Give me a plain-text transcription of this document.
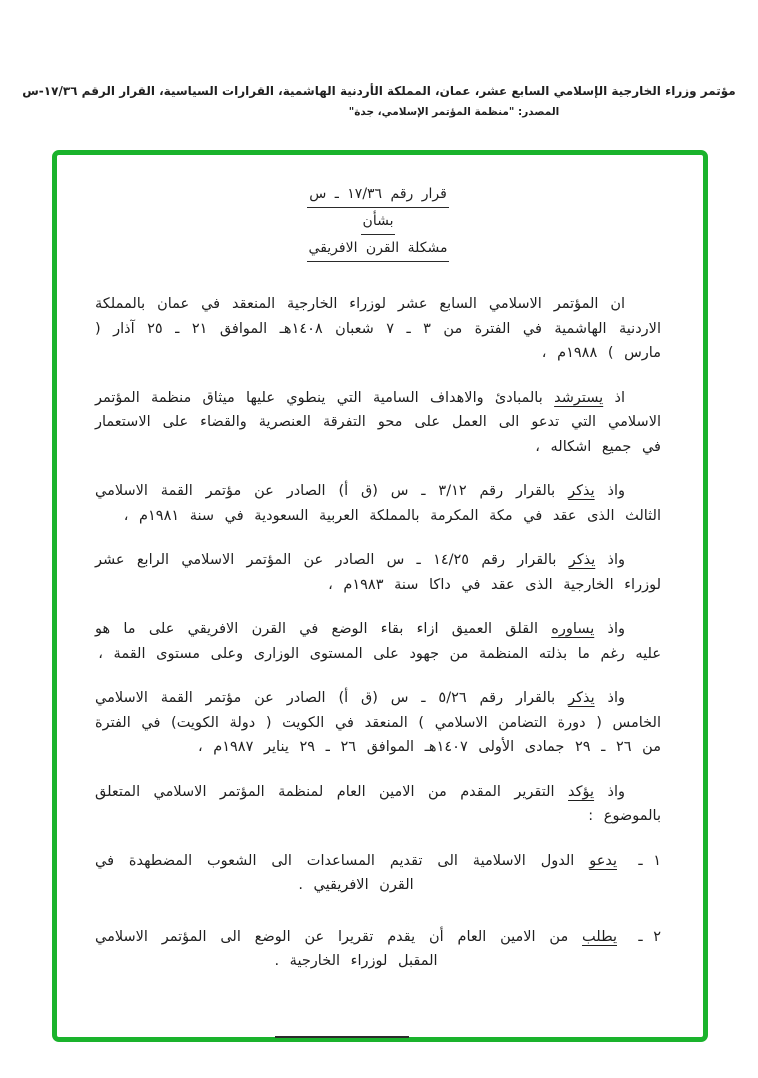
مؤتمر وزراء الخارجية الإسلامي السابع عشر، عمان، المملكة الأردنية الهاشمية، القرارات السياسية، القرار الرقم ١٧/٣٦-س
المصدر: "منظمة المؤتمر الإسلامي، جدة"
قرار رقم ١٧/٣٦ ـ س
بشأن
مشكلة القرن الافريقي

ان المؤتمر الاسلامي السابع عشر لوزراء الخارجية المنعقد في عمان بالمملكة الاردنية الهاشمية في الفترة من ٣ ـ ٧ شعبان ١٤٠٨هـ الموافق ٢١ ـ ٢٥ آذار ( مارس ) ١٩٨٨م ،

اذ يسترشد بالمبادئ والاهداف السامية التي ينطوي عليها ميثاق منظمة المؤتمر الاسلامي التي تدعو الى العمل على محو التفرقة العنصرية والقضاء على الاستعمار في جميع اشكاله ،

واذ يذكر بالقرار رقم ٣/١٢ ـ س (ق أ) الصادر عن مؤتمر القمة الاسلامي الثالث الذى عقد في مكة المكرمة بالمملكة العربية السعودية في سنة ١٩٨١م ،

واذ يذكر بالقرار رقم ١٤/٢٥ ـ س الصادر عن المؤتمر الاسلامي الرابع عشر لوزراء الخارجية الذى عقد في داكا سنة ١٩٨٣م ،

واذ يساوره القلق العميق ازاء بقاء الوضع في القرن الافريقي على ما هو عليه رغم ما بذلته المنظمة من جهود على المستوى الوزارى وعلى مستوى القمة ،

واذ يذكر بالقرار رقم ٥/٢٦ ـ س (ق أ) الصادر عن مؤتمر القمة الاسلامي الخامس ( دورة التضامن الاسلامي ) المنعقد في الكويت ( دولة الكويت) في الفترة من ٢٦ ـ ٢٩ جمادى الأولى ١٤٠٧هـ الموافق ٢٦ ـ ٢٩ يناير ١٩٨٧م ،

واذ يؤكد التقرير المقدم من الامين العام لمنظمة المؤتمر الاسلامي المتعلق بالموضوع :

١ ـ

يدعو الدول الاسلامية الى تقديم المساعدات الى الشعوب المضطهدة في القرن الافريقيي .

٢ ـ

يطلب من الامين العام أن يقدم تقريرا عن الوضع الى المؤتمر الاسلامي المقبل لوزراء الخارجية .
